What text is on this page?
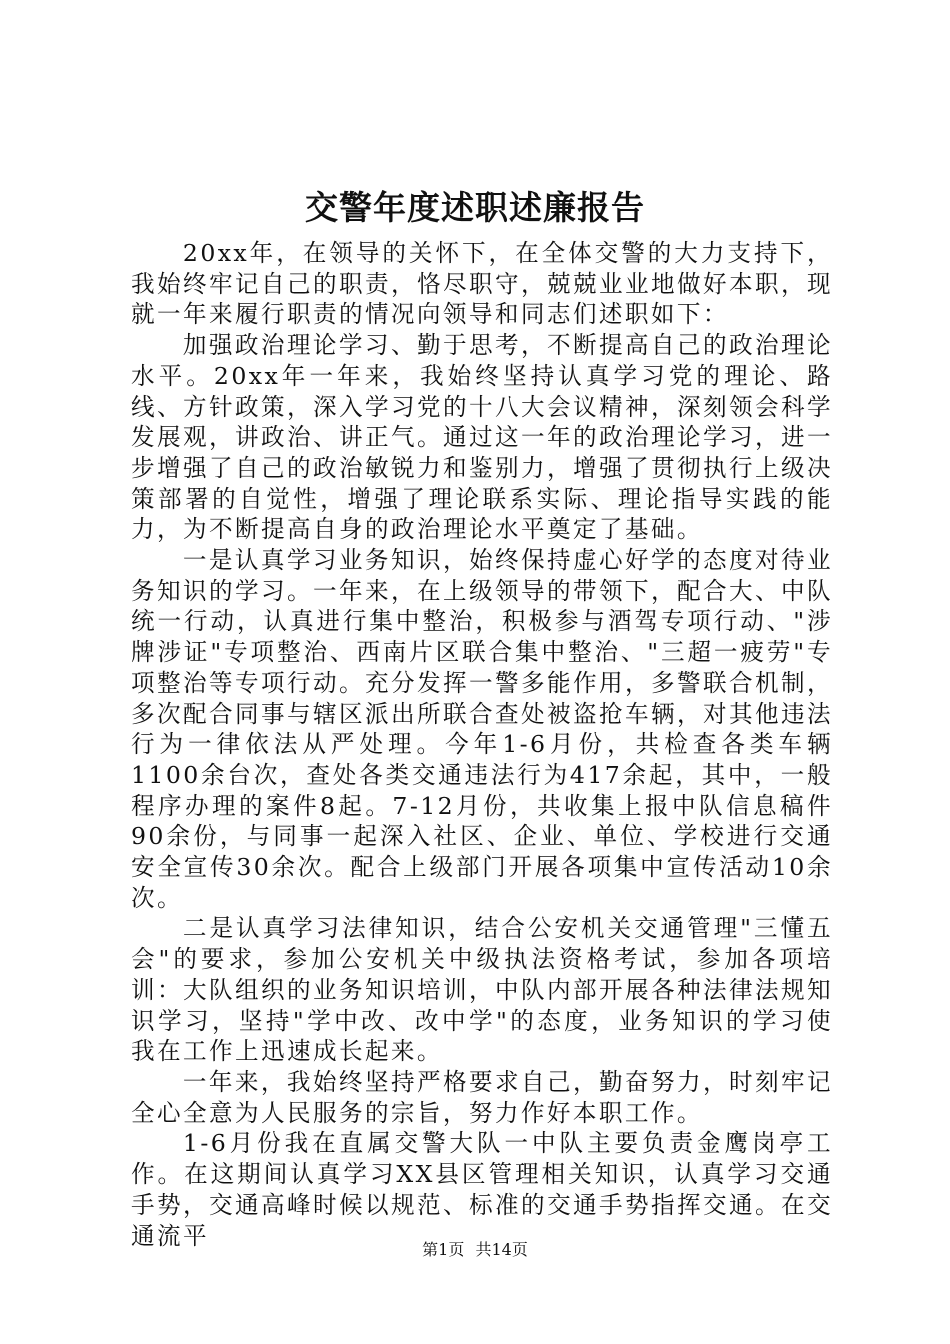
交警年度述职述廉报告

20xx年，在领导的关怀下，在全体交警的大力支持下，我始终牢记自己的职责，恪尽职守，兢兢业业地做好本职，现就一年来履行职责的情况向领导和同志们述职如下：

加强政治理论学习、勤于思考，不断提高自己的政治理论水平。20xx年一年来，我始终坚持认真学习党的理论、路线、方针政策，深入学习党的十八大会议精神，深刻领会科学发展观，讲政治、讲正气。通过这一年的政治理论学习，进一步增强了自己的政治敏锐力和鉴别力，增强了贯彻执行上级决策部署的自觉性，增强了理论联系实际、理论指导实践的能力，为不断提高自身的政治理论水平奠定了基础。

一是认真学习业务知识，始终保持虚心好学的态度对待业务知识的学习。一年来，在上级领导的带领下，配合大、中队统一行动，认真进行集中整治，积极参与酒驾专项行动、"涉牌涉证"专项整治、西南片区联合集中整治、"三超一疲劳"专项整治等专项行动。充分发挥一警多能作用，多警联合机制，多次配合同事与辖区派出所联合查处被盗抢车辆，对其他违法行为一律依法从严处理。今年1-6月份，共检查各类车辆1100余台次，查处各类交通违法行为417余起，其中，一般程序办理的案件8起。7-12月份，共收集上报中队信息稿件90余份，与同事一起深入社区、企业、单位、学校进行交通安全宣传30余次。配合上级部门开展各项集中宣传活动10余次。

二是认真学习法律知识，结合公安机关交通管理"三懂五会"的要求，参加公安机关中级执法资格考试，参加各项培训：大队组织的业务知识培训，中队内部开展各种法律法规知识学习，坚持"学中改、改中学"的态度，业务知识的学习使我在工作上迅速成长起来。

一年来，我始终坚持严格要求自己，勤奋努力，时刻牢记全心全意为人民服务的宗旨，努力作好本职工作。

1-6月份我在直属交警大队一中队主要负责金鹰岗亭工作。在这期间认真学习XX县区管理相关知识，认真学习交通手势，交通高峰时候以规范、标准的交通手势指挥交通。在交通流平	第1页 共14页
